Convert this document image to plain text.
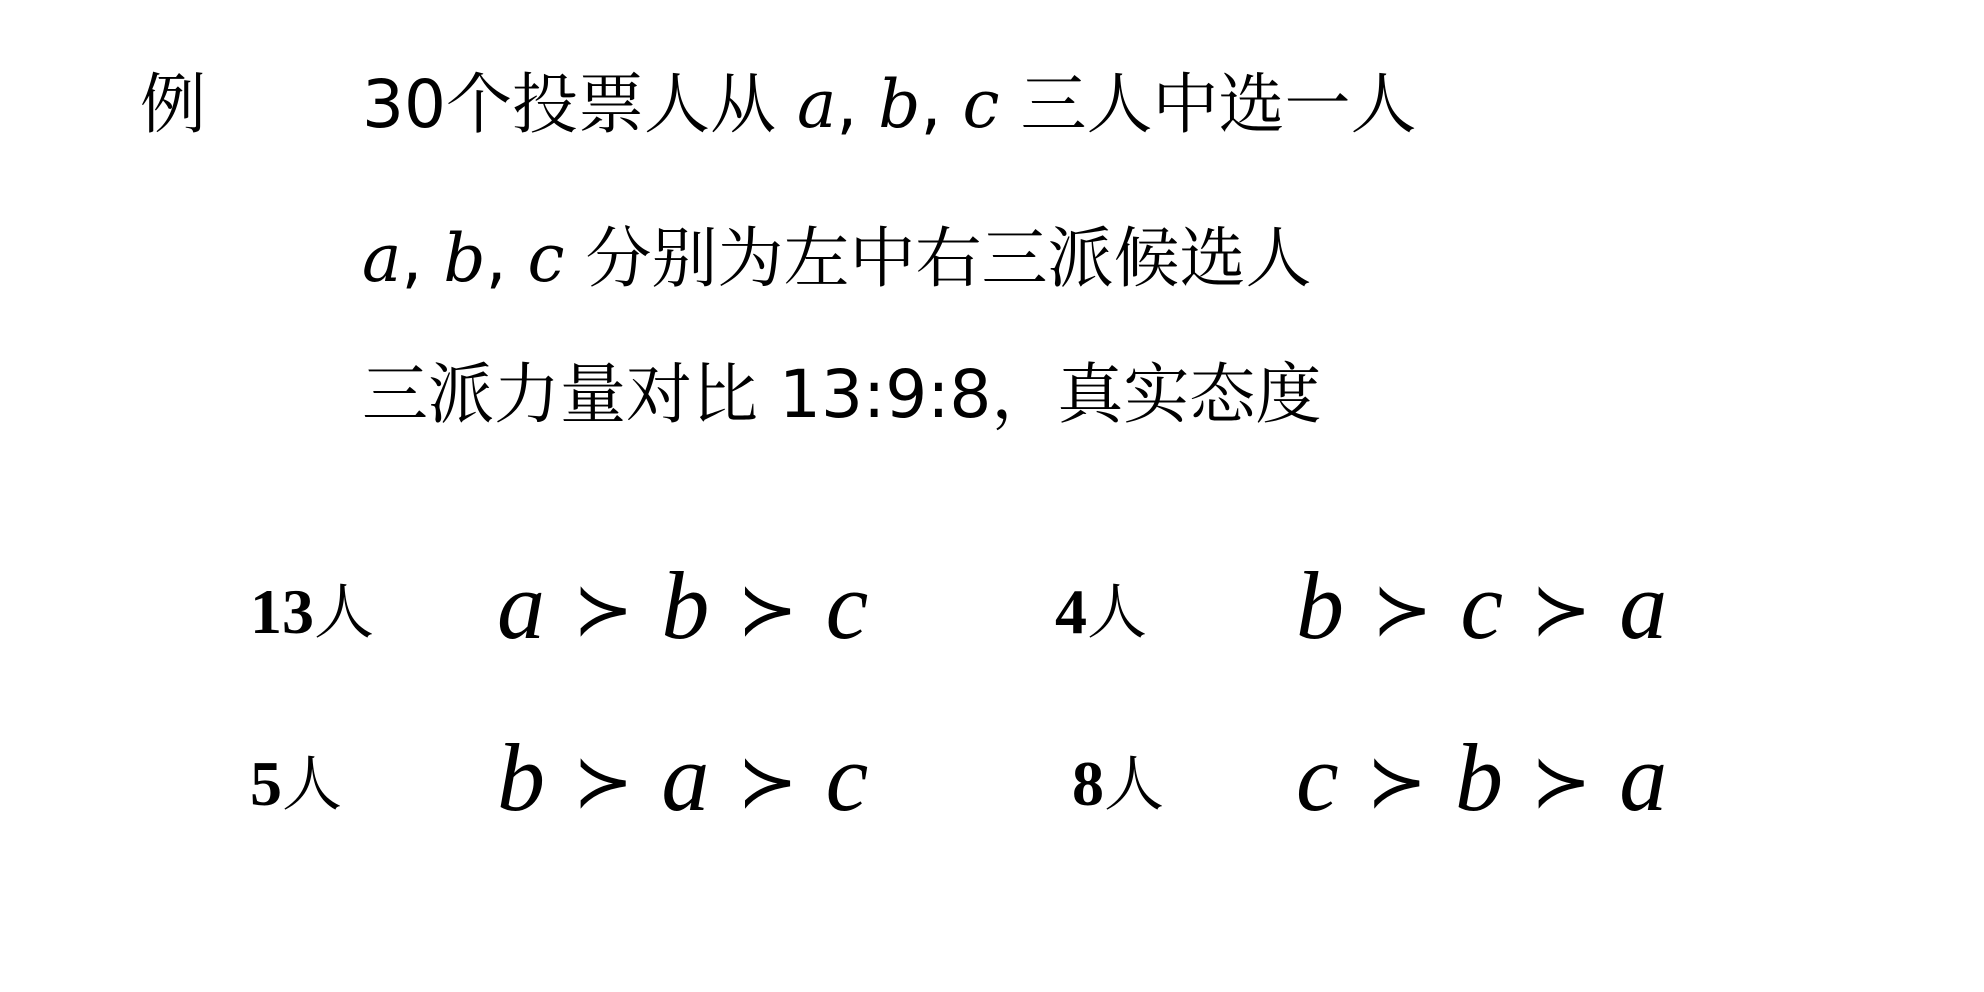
例 30个投票人从 a, b, c 三人中选一人
a, b, c 分别为左中右三派候选人
三派力量对比 13:9:8，真实态度
13人 a ≻ b ≻ c	4人 b ≻ c ≻ a
5人 b ≻ a ≻ c	8人 c ≻ b ≻ a
